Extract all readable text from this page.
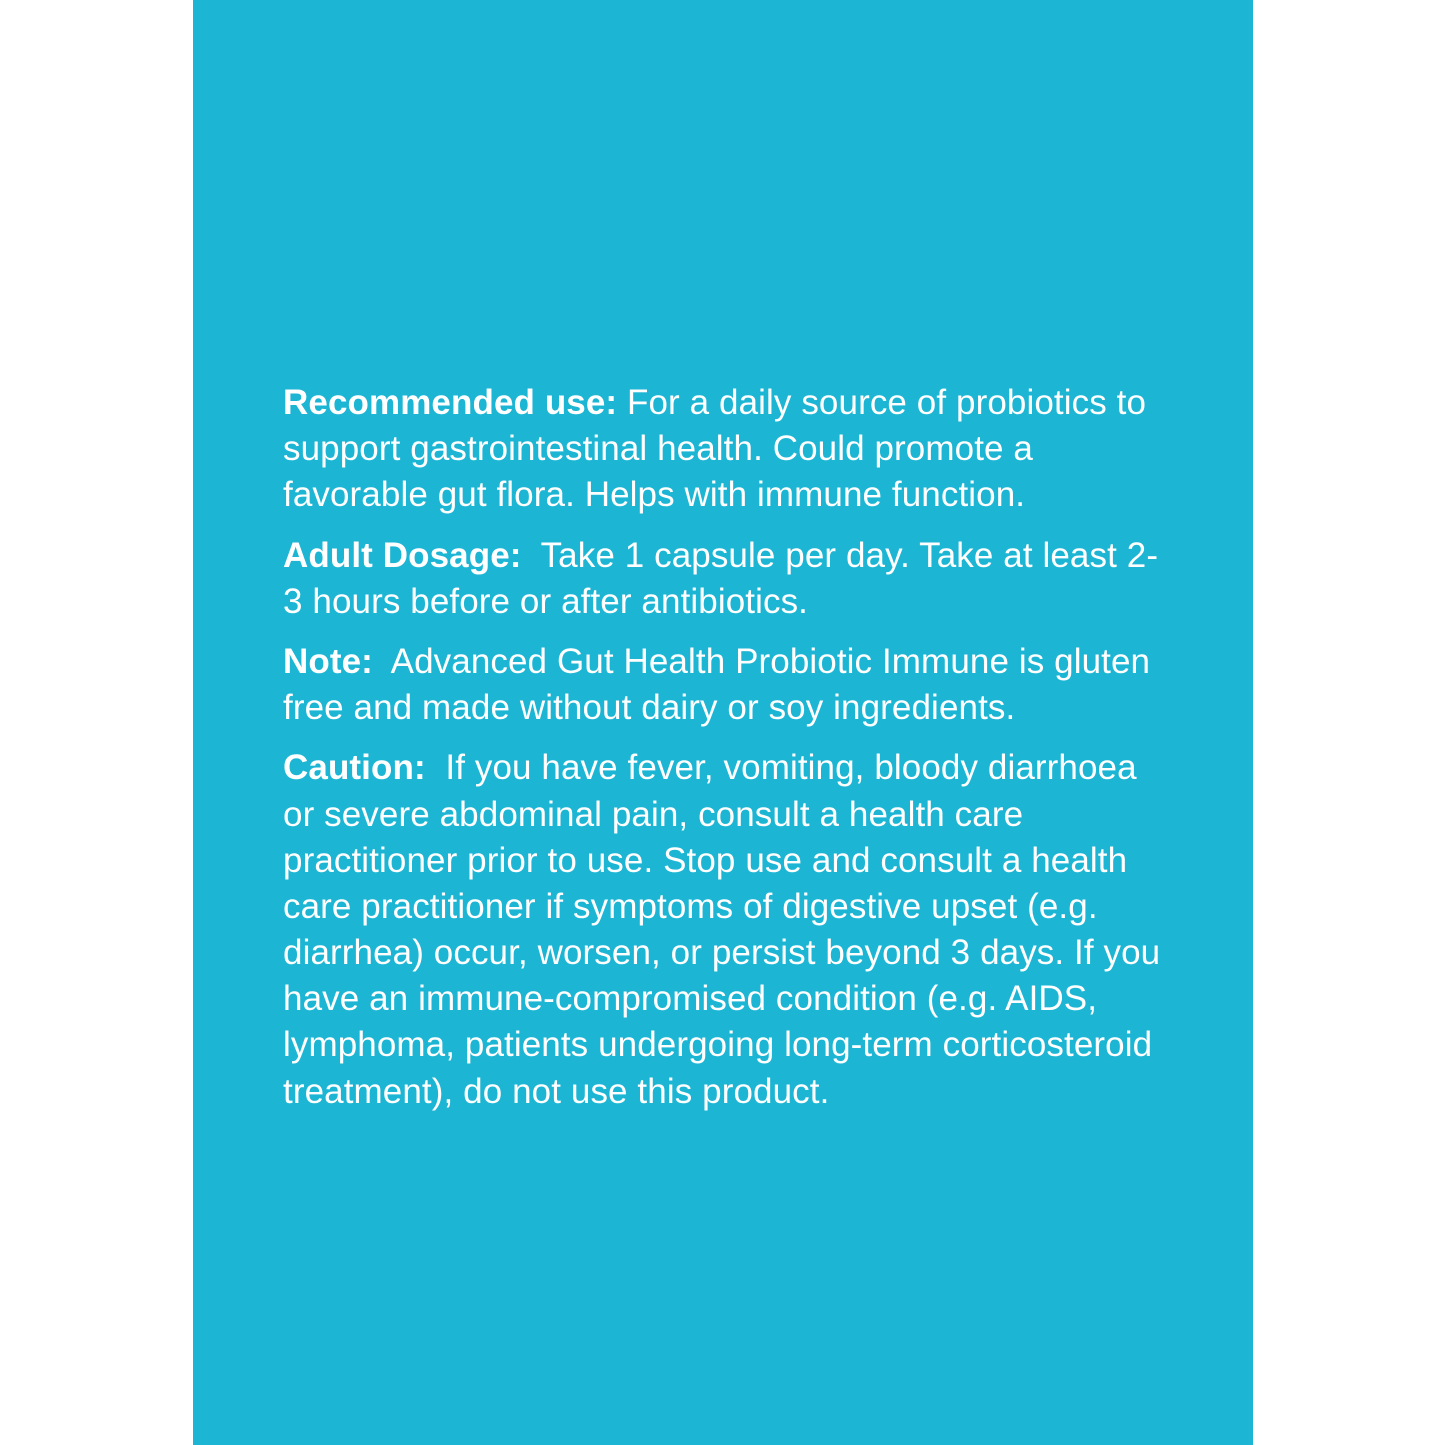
Recommended use: For a daily source of probiotics to support gastrointestinal health. Could promote a favorable gut flora. Helps with immune function.

Adult Dosage: Take 1 capsule per day. Take at least 2-3 hours before or after antibiotics.

Note: Advanced Gut Health Probiotic Immune is gluten free and made without dairy or soy ingredients.

Caution: If you have fever, vomiting, bloody diarrhoea or severe abdominal pain, consult a health care practitioner prior to use. Stop use and consult a health care practitioner if symptoms of digestive upset (e.g. diarrhea) occur, worsen, or persist beyond 3 days. If you have an immune-compromised condition (e.g. AIDS, lymphoma, patients undergoing long-term corticosteroid treatment), do not use this product.
